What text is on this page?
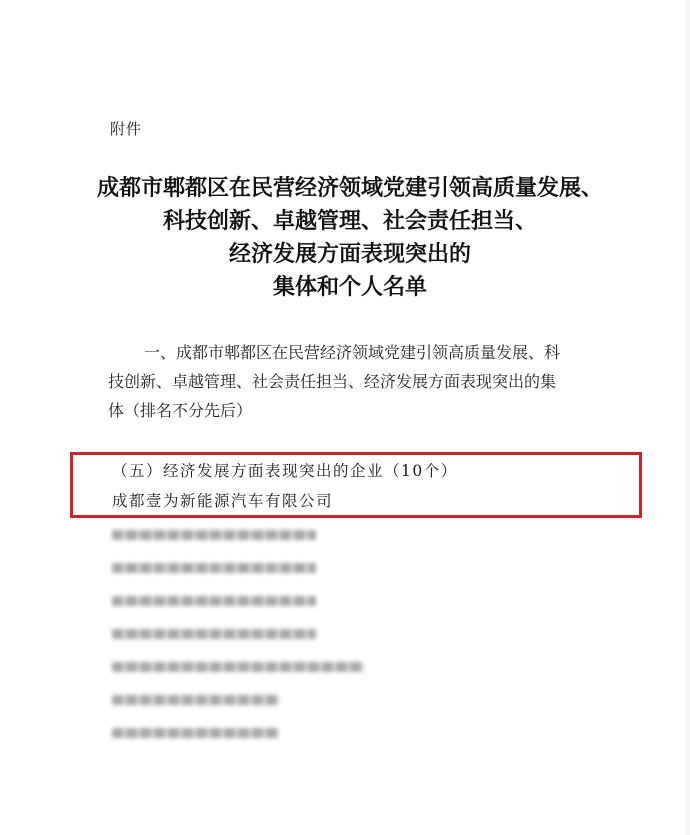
附件
成都市郫都区在民营经济领域党建引领高质量发展、
科技创新、卓越管理、社会责任担当、
经济发展方面表现突出的
集体和个人名单
一、成都市郫都区在民营经济领域党建引领高质量发展、科
技创新、卓越管理、社会责任担当、经济发展方面表现突出的集
体（排名不分先后）
（五）经济发展方面表现突出的企业（10个）
成都壹为新能源汽车有限公司
